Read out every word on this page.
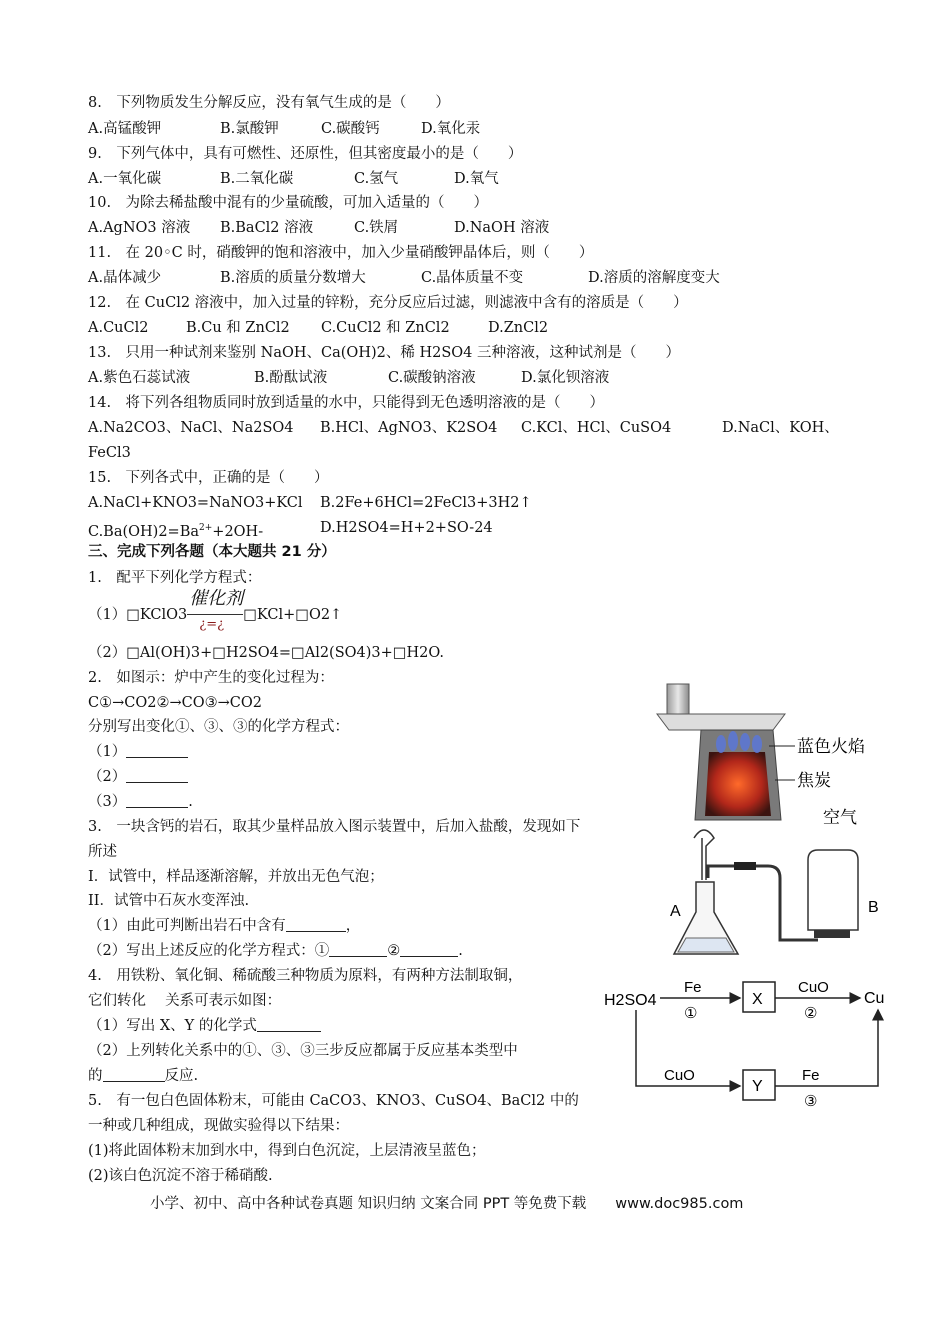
8.　下列物质发生分解反应，没有氧气生成的是（　　）
A.高锰酸钾	B.氯酸钾	C.碳酸钙	D.氧化汞
9.　下列气体中，具有可燃性、还原性，但其密度最小的是（　　）
A.一氧化碳	B.二氧化碳	C.氢气	D.氧气
10.　为除去稀盐酸中混有的少量硫酸，可加入适量的（　　）
A.AgNO3 溶液 B.BaCl2 溶液	C.铁屑	D.NaOH 溶液
11.　在 20◦C 时，硝酸钾的饱和溶液中，加入少量硝酸钾晶体后，则（　　）
A.晶体减少	B.溶质的质量分数增大	C.晶体质量不变	D.溶质的溶解度变大
12.　在 CuCl2 溶液中，加入过量的锌粉，充分反应后过滤，则滤液中含有的溶质是（　　）
A.CuCl2	B.Cu 和 ZnCl2 C.CuCl2 和 ZnCl2	D.ZnCl2
13.　只用一种试剂来鉴别 NaOH、Ca(OH)2、稀 H2SO4 三种溶液，这种试剂是（　　）
A.紫色石蕊试液	B.酚酞试液	C.碳酸钠溶液	D.氯化钡溶液
14.　将下列各组物质同时放到适量的水中，只能得到无色透明溶液的是（　　）
A.Na2CO3、NaCl、Na2SO4 B.HCl、AgNO3、K2SO4 C.KCl、HCl、CuSO4	D.NaCl、KOH、
FeCl3
15.　下列各式中，正确的是（　　）
A.NaCl+KNO3=NaNO3+KCl B.2Fe+6HCl=2FeCl3+3H2↑
$C.Ba(OH)2=Ba^{2+}+2OH-$	D.H2SO4=H+2+SO-24
三、完成下列各题（本大题共 21 分）
1.　配平下列化学方程式：
（1）□KClO3
催化剂
¿=¿
□KCl+□O2↑
（2）□Al(OH)3+□H2SO4=□Al2(SO4)3+□H2O.
2.　如图示：炉中产生的变化过程为：
C①→CO2②→CO③→CO2
分别写出变化①、③、③的化学方程式：
（1）
（2）
（3）	.
3.　一块含钙的岩石，取其少量样品放入图示装置中，后加入盐酸，发现如下
所述
I．试管中，样品逐渐溶解，并放出无色气泡；
II．试管中石灰水变浑浊.
（1）由此可判断出岩石中含有	，
（2）写出上述反应的化学方程式：①	②	.
4.　用铁粉、氧化铜、稀硫酸三种物质为原料，有两种方法制取铜，
它们转化　 关系可表示如图：
（1）写出 X、Y 的化学式
（2）上列转化关系中的①、③、③三步反应都属于反应基本类型中
的	反应.
5.　有一包白色固体粉末，可能由 CaCO3、KNO3、CuSO4、BaCl2 中的
一种或几种组成，现做实验得以下结果：
(1)将此固体粉末加到水中，得到白色沉淀，上层清液呈蓝色；
(2)该白色沉淀不溶于稀硝酸.
蓝色火焰
焦炭
空气
A	B
H2SO4
Fe
①
X
CuO
②
Cu
CuO
Y
Fe
③
小学、初中、高中各种试卷真题 知识归纳 文案合同 PPT 等免费下载　　www.doc985.com
